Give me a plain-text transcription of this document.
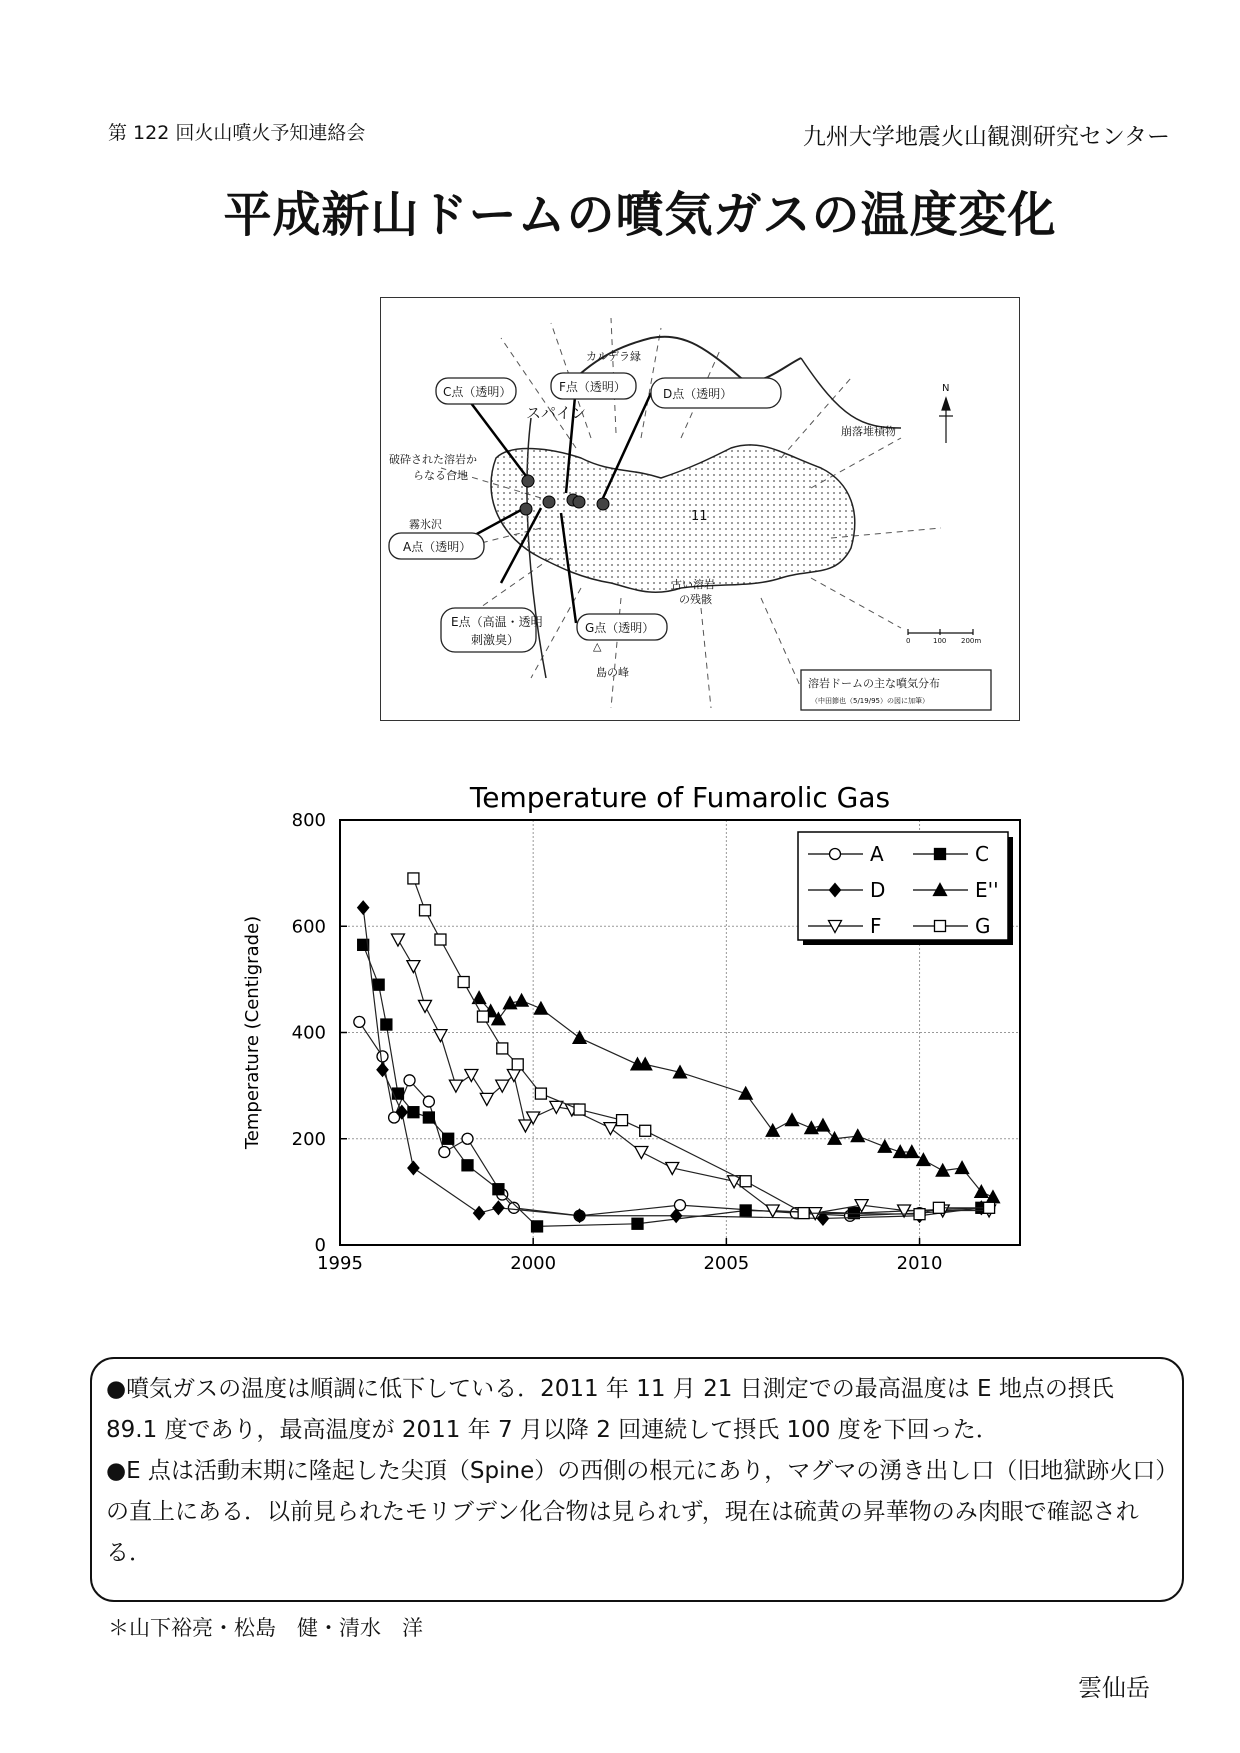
第 122 回火山噴火予知連絡会	九州大学地震火山観測研究センター
平成新山ドームの噴気ガスの温度変化
C点（透明）	F点（透明）	D点（透明）
A点（透明）
E点（高温・透明
刺激臭）
G点（透明）
カルデラ縁
スパイン
破砕された溶岩か
らなる台地
霧氷沢
崩落堆積物
11
古い溶岩
の残骸
△
島の峰
溶岩ドームの主な噴気分布
（中田節也（5/19/95）の図に加筆）
N
0	100 200m
Temperature of Fumarolic Gas
1995	2000	2005	2010
0
200
400
600
800
Temperature (Centigrade)
A	C
D	E''
F	G

●噴気ガスの温度は順調に低下している．2011 年 11 月 21 日測定での最高温度は E 地点の摂氏 89.1 度であり，最高温度が 2011 年 7 月以降 2 回連続して摂氏 100 度を下回った．

●E 点は活動末期に隆起した尖頂（Spine）の西側の根元にあり，マグマの湧き出し口（旧地獄跡火口）の直上にある．以前見られたモリブデン化合物は見られず，現在は硫黄の昇華物のみ肉眼で確認される．

＊山下裕亮・松島　健・清水　洋
雲仙岳
